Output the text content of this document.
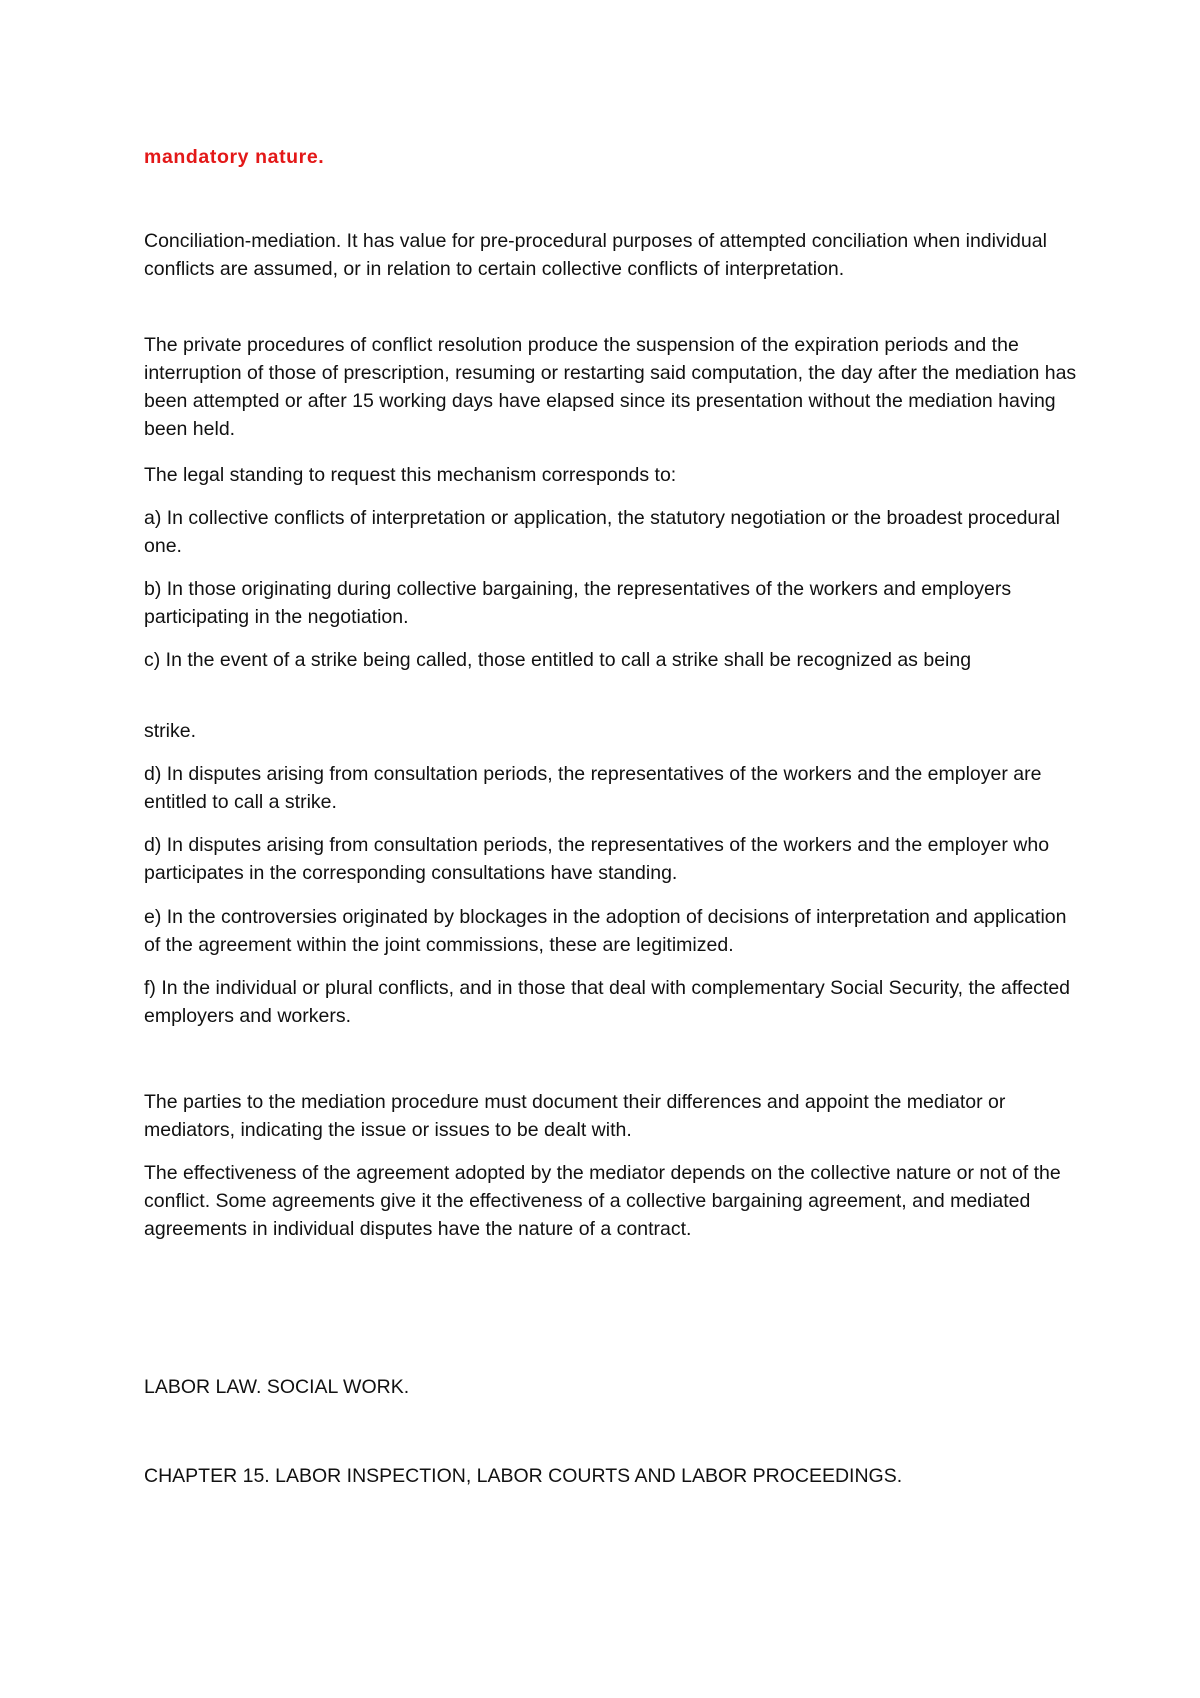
mandatory nature.

Conciliation-mediation. It has value for pre-procedural purposes of attempted conciliation when individual conflicts are assumed, or in relation to certain collective conflicts of interpretation.

The private procedures of conflict resolution produce the suspension of the expiration periods and the interruption of those of prescription, resuming or restarting said computation, the day after the mediation has been attempted or after 15 working days have elapsed since its presentation without the mediation having been held.

The legal standing to request this mechanism corresponds to:

a) In collective conflicts of interpretation or application, the statutory negotiation or the broadest procedural one.

b) In those originating during collective bargaining, the representatives of the workers and employers participating in the negotiation.

c) In the event of a strike being called, those entitled to call a strike shall be recognized as being

strike.

d) In disputes arising from consultation periods, the representatives of the workers and the employer are entitled to call a strike.

d) In disputes arising from consultation periods, the representatives of the workers and the employer who participates in the corresponding consultations have standing.

e) In the controversies originated by blockages in the adoption of decisions of interpretation and application of the agreement within the joint commissions, these are legitimized.

f) In the individual or plural conflicts, and in those that deal with complementary Social Security, the affected employers and workers.

The parties to the mediation procedure must document their differences and appoint the mediator or mediators, indicating the issue or issues to be dealt with.

The effectiveness of the agreement adopted by the mediator depends on the collective nature or not of the conflict. Some agreements give it the effectiveness of a collective bargaining agreement, and mediated agreements in individual disputes have the nature of a contract.

LABOR LAW. SOCIAL WORK.

CHAPTER 15. LABOR INSPECTION, LABOR COURTS AND LABOR PROCEEDINGS.
